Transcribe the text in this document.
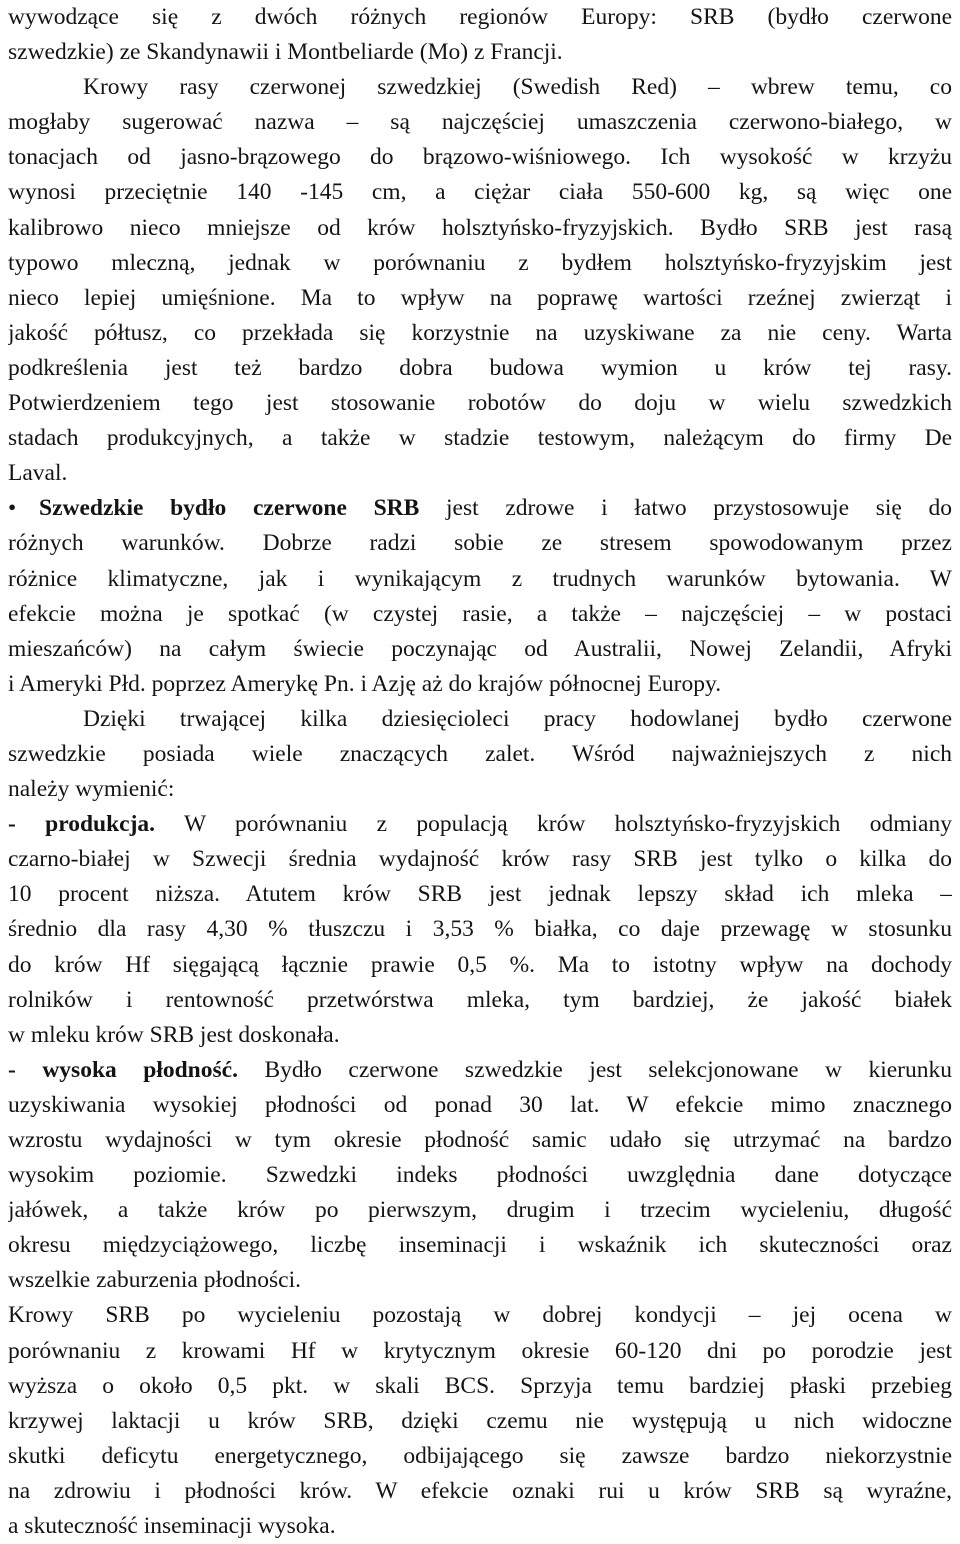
wywodzące się z dwóch różnych regionów Europy: SRB (bydło czerwone
szwedzkie) ze Skandynawii i Montbeliarde (Mo) z Francji.
Krowy rasy czerwonej szwedzkiej (Swedish Red) – wbrew temu, co
mogłaby sugerować nazwa – są najczęściej umaszczenia czerwono-białego, w
tonacjach od jasno-brązowego do brązowo-wiśniowego. Ich wysokość w krzyżu
wynosi przeciętnie 140 -145 cm, a ciężar ciała 550-600 kg, są więc one
kalibrowo nieco mniejsze od krów holsztyńsko-fryzyjskich. Bydło SRB jest rasą
typowo mleczną, jednak w porównaniu z bydłem holsztyńsko-fryzyjskim jest
nieco lepiej umięśnione. Ma to wpływ na poprawę wartości rzeźnej zwierząt i
jakość półtusz, co przekłada się korzystnie na uzyskiwane za nie ceny. Warta
podkreślenia jest też bardzo dobra budowa wymion u krów tej rasy.
Potwierdzeniem tego jest stosowanie robotów do doju w wielu szwedzkich
stadach produkcyjnych, a także w stadzie testowym, należącym do firmy De
Laval.
• Szwedzkie bydło czerwone SRB jest zdrowe i łatwo przystosowuje się do
różnych warunków. Dobrze radzi sobie ze stresem spowodowanym przez
różnice klimatyczne, jak i wynikającym z trudnych warunków bytowania. W
efekcie można je spotkać (w czystej rasie, a także – najczęściej – w postaci
mieszańców) na całym świecie poczynając od Australii, Nowej Zelandii, Afryki
i Ameryki Płd. poprzez Amerykę Pn. i Azję aż do krajów północnej Europy.
Dzięki trwającej kilka dziesięcioleci pracy hodowlanej bydło czerwone
szwedzkie posiada wiele znaczących zalet. Wśród najważniejszych z nich
należy wymienić:
- produkcja. W porównaniu z populacją krów holsztyńsko-fryzyjskich odmiany
czarno-białej w Szwecji średnia wydajność krów rasy SRB jest tylko o kilka do
10 procent niższa. Atutem krów SRB jest jednak lepszy skład ich mleka –
średnio dla rasy 4,30 % tłuszczu i 3,53 % białka, co daje przewagę w stosunku
do krów Hf sięgającą łącznie prawie 0,5 %. Ma to istotny wpływ na dochody
rolników i rentowność przetwórstwa mleka, tym bardziej, że jakość białek
w mleku krów SRB jest doskonała.
- wysoka płodność. Bydło czerwone szwedzkie jest selekcjonowane w kierunku
uzyskiwania wysokiej płodności od ponad 30 lat. W efekcie mimo znacznego
wzrostu wydajności w tym okresie płodność samic udało się utrzymać na bardzo
wysokim poziomie. Szwedzki indeks płodności uwzględnia dane dotyczące
jałówek, a także krów po pierwszym, drugim i trzecim wycieleniu, długość
okresu międzyciążowego, liczbę inseminacji i wskaźnik ich skuteczności oraz
wszelkie zaburzenia płodności.
Krowy SRB po wycieleniu pozostają w dobrej kondycji – jej ocena w
porównaniu z krowami Hf w krytycznym okresie 60-120 dni po porodzie jest
wyższa o około 0,5 pkt. w skali BCS. Sprzyja temu bardziej płaski przebieg
krzywej laktacji u krów SRB, dzięki czemu nie występują u nich widoczne
skutki deficytu energetycznego, odbijającego się zawsze bardzo niekorzystnie
na zdrowiu i płodności krów. W efekcie oznaki rui u krów SRB są wyraźne,
a skuteczność inseminacji wysoka.
